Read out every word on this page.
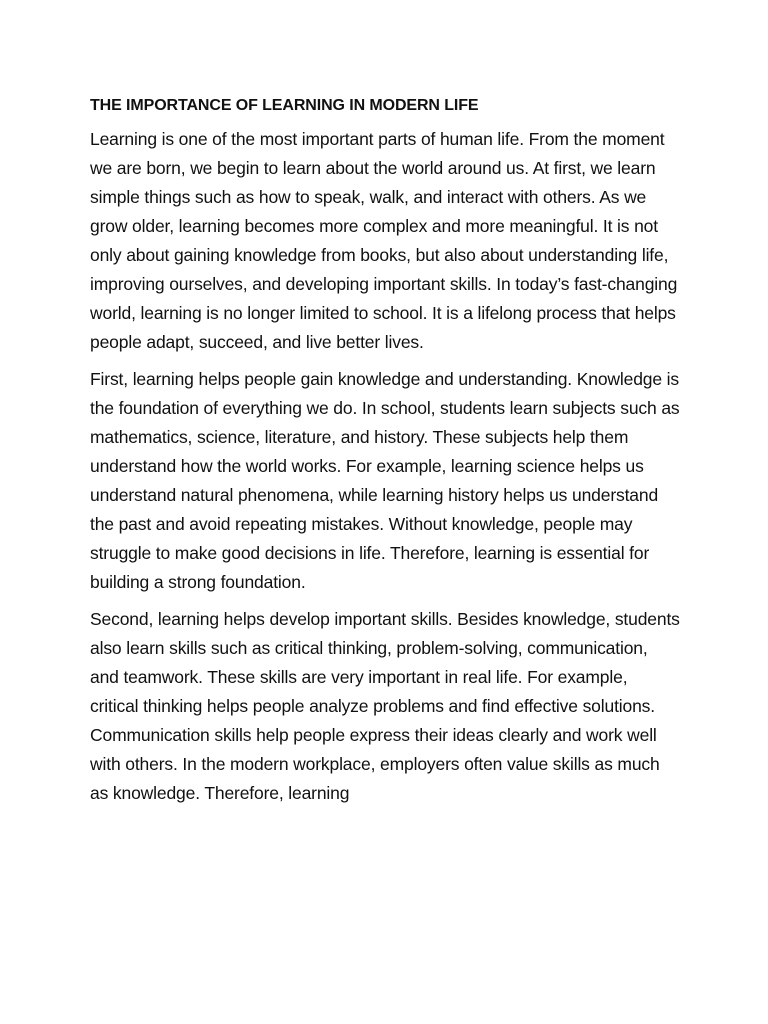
THE IMPORTANCE OF LEARNING IN MODERN LIFE

Learning is one of the most important parts of human life. From the moment we are born, we begin to learn about the world around us. At first, we learn simple things such as how to speak, walk, and interact with others. As we grow older, learning becomes more complex and more meaningful. It is not only about gaining knowledge from books, but also about understanding life, improving ourselves, and developing important skills. In today’s fast-changing world, learning is no longer limited to school. It is a lifelong process that helps people adapt, succeed, and live better lives.

First, learning helps people gain knowledge and understanding. Knowledge is the foundation of everything we do. In school, students learn subjects such as mathematics, science, literature, and history. These subjects help them understand how the world works. For example, learning science helps us understand natural phenomena, while learning history helps us understand the past and avoid repeating mistakes. Without knowledge, people may struggle to make good decisions in life. Therefore, learning is essential for building a strong foundation.

Second, learning helps develop important skills. Besides knowledge, students also learn skills such as critical thinking, problem-solving, communication, and teamwork. These skills are very important in real life. For example, critical thinking helps people analyze problems and find effective solutions. Communication skills help people express their ideas clearly and work well with others. In the modern workplace, employers often value skills as much as knowledge. Therefore, learning
